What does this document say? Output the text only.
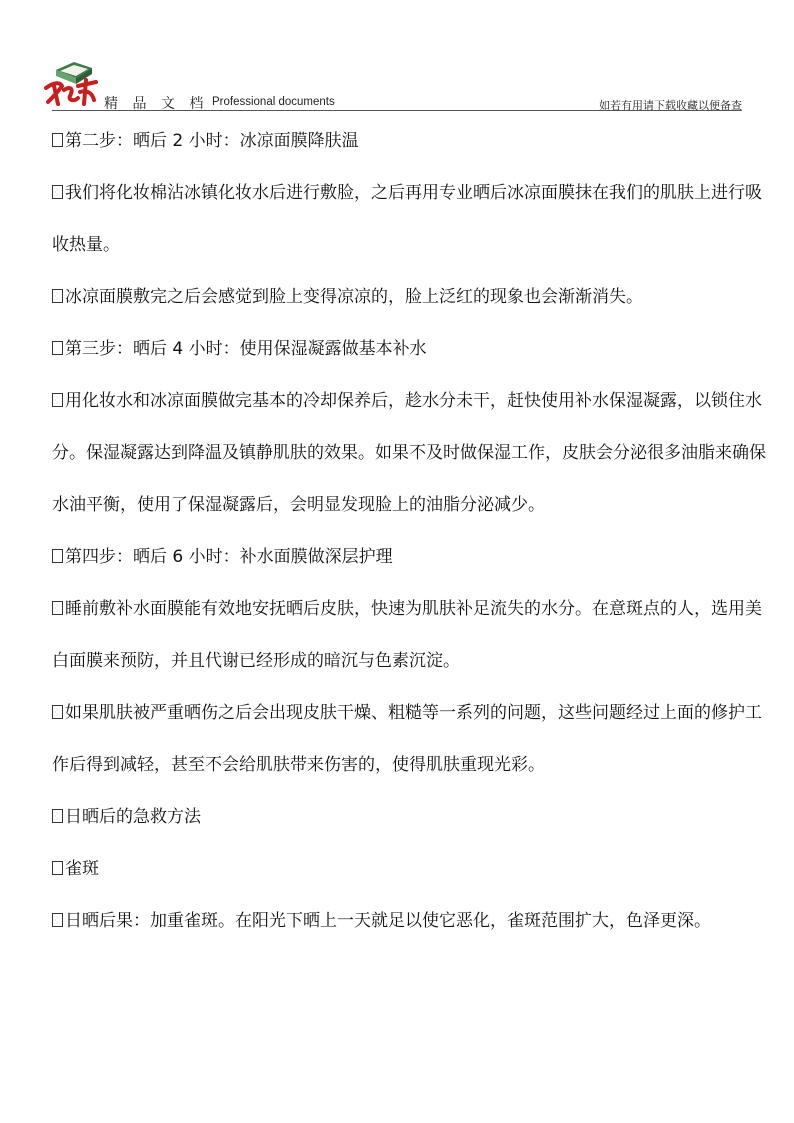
精 品 文 档 Professional documents	如若有用请下载收藏以便备查

第二步：晒后 2 小时：冰凉面膜降肤温

我们将化妆棉沾冰镇化妆水后进行敷脸，之后再用专业晒后冰凉面膜抹在我们的肌肤上进行吸收热量。

冰凉面膜敷完之后会感觉到脸上变得凉凉的，脸上泛红的现象也会渐渐消失。

第三步：晒后 4 小时：使用保湿凝露做基本补水

用化妆水和冰凉面膜做完基本的冷却保养后，趁水分未干，赶快使用补水保湿凝露，以锁住水分。保湿凝露达到降温及镇静肌肤的效果。如果不及时做保湿工作，皮肤会分泌很多油脂来确保水油平衡，使用了保湿凝露后，会明显发现脸上的油脂分泌减少。

第四步：晒后 6 小时：补水面膜做深层护理

睡前敷补水面膜能有效地安抚晒后皮肤，快速为肌肤补足流失的水分。在意斑点的人，选用美白面膜来预防，并且代谢已经形成的暗沉与色素沉淀。

如果肌肤被严重晒伤之后会出现皮肤干燥、粗糙等一系列的问题，这些问题经过上面的修护工作后得到减轻，甚至不会给肌肤带来伤害的，使得肌肤重现光彩。

日晒后的急救方法

雀斑

日晒后果：加重雀斑。在阳光下晒上一天就足以使它恶化，雀斑范围扩大，色泽更深。
